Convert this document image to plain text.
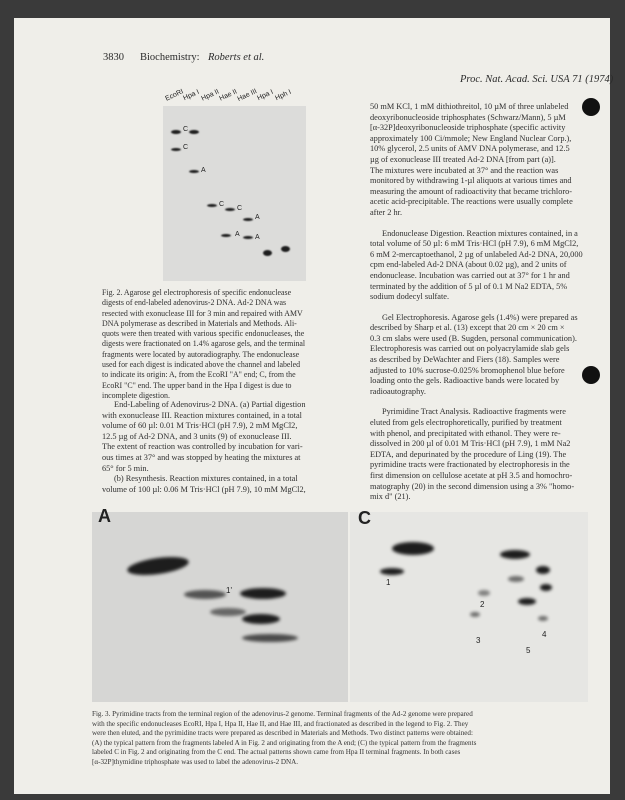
3830 Biochemistry: Roberts et al.
Proc. Nat. Acad. Sci. USA 71 (1974)
EcoRI
Hpa I Hpa II
Hae II
Hae III
Hpa I Hph I
C
C
A
C
C
A
A A

Fig. 2. Agarose gel electrophoresis of specific endonuclease

digests of end-labeled adenovirus-2 DNA. Ad-2 DNA was

resected with exonuclease III for 3 min and repaired with AMV

DNA polymerase as described in Materials and Methods. Ali-

quots were then treated with various specific endonucleases, the

digests were fractionated on 1.4% agarose gels, and the terminal

fragments were located by autoradiography. The endonuclease

used for each digest is indicated above the channel and labeled

to indicate its origin: A, from the EcoRI "A" end; C, from the

EcoRI "C" end. The upper band in the Hpa I digest is due to

incomplete digestion.

End-Labeling of Adenovirus-2 DNA. (a) Partial digestion

with exonuclease III. Reaction mixtures contained, in a total

volume of 60 µl: 0.01 M Tris·HCl (pH 7.9), 2 mM MgCl2,

12.5 µg of Ad-2 DNA, and 3 units (9) of exonuclease III.

The extent of reaction was controlled by incubation for vari-

ous times at 37° and was stopped by heating the mixtures at

65° for 5 min.

(b) Resynthesis. Reaction mixtures contained, in a total

volume of 100 µl: 0.06 M Tris·HCl (pH 7.9), 10 mM MgCl2,

50 mM KCl, 1 mM dithiothreitol, 10 µM of three unlabeled

deoxyribonucleoside triphosphates (Schwarz/Mann), 5 µM

[α-32P]deoxyribonucleoside triphosphate (specific activity

approximately 100 Ci/mmole; New England Nuclear Corp.),

10% glycerol, 2.5 units of AMV DNA polymerase, and 12.5

µg of exonuclease III treated Ad-2 DNA [from part (a)].

The mixtures were incubated at 37° and the reaction was

monitored by withdrawing 1-µl aliquots at various times and

measuring the amount of radioactivity that became trichloro-

acetic acid-precipitable. The reactions were usually complete

after 2 hr.

Endonuclease Digestion. Reaction mixtures contained, in a

total volume of 50 µl: 6 mM Tris·HCl (pH 7.9), 6 mM MgCl2,

6 mM 2-mercaptoethanol, 2 µg of unlabeled Ad-2 DNA, 20,000

cpm end-labeled Ad-2 DNA (about 0.02 µg), and 2 units of

endonuclease. Incubation was carried out at 37° for 1 hr and

terminated by the addition of 5 µl of 0.1 M Na2 EDTA, 5%

sodium dodecyl sulfate.

Gel Electrophoresis. Agarose gels (1.4%) were prepared as

described by Sharp et al. (13) except that 20 cm × 20 cm ×

0.3 cm slabs were used (B. Sugden, personal communication).

Electrophoresis was carried out on polyacrylamide slab gels

as described by DeWachter and Fiers (18). Samples were

adjusted to 10% sucrose-0.025% bromophenol blue before

loading onto the gels. Radioactive bands were located by

radioautography.

Pyrimidine Tract Analysis. Radioactive fragments were

eluted from gels electrophoretically, purified by treatment

with phenol, and precipitated with ethanol. They were re-

dissolved in 200 µl of 0.01 M Tris·HCl (pH 7.9), 1 mM Na2

EDTA, and depurinated by the procedure of Ling (19). The

pyrimidine tracts were fractionated by electrophoresis in the

first dimension on cellulose acetate at pH 3.5 and homochro-

matography (20) in the second dimension using a 3% "homo-

mix d" (21).

1'
A
1
2
3
4
5
C

Fig. 3. Pyrimidine tracts from the terminal region of the adenovirus-2 genome. Terminal fragments of the Ad-2 genome were prepared

with the specific endonucleases EcoRI, Hpa I, Hpa II, Hae II, and Hae III, and fractionated as described in the legend to Fig. 2. They

were then eluted, and the pyrimidine tracts were prepared as described in Materials and Methods. Two distinct patterns were obtained:

(A) the typical pattern from the fragments labeled A in Fig. 2 and originating from the A end; (C) the typical pattern from the fragments

labeled C in Fig. 2 and originating from the C end. The actual patterns shown came from Hpa II terminal fragments. In both cases

[α-32P]thymidine triphosphate was used to label the adenovirus-2 DNA.
